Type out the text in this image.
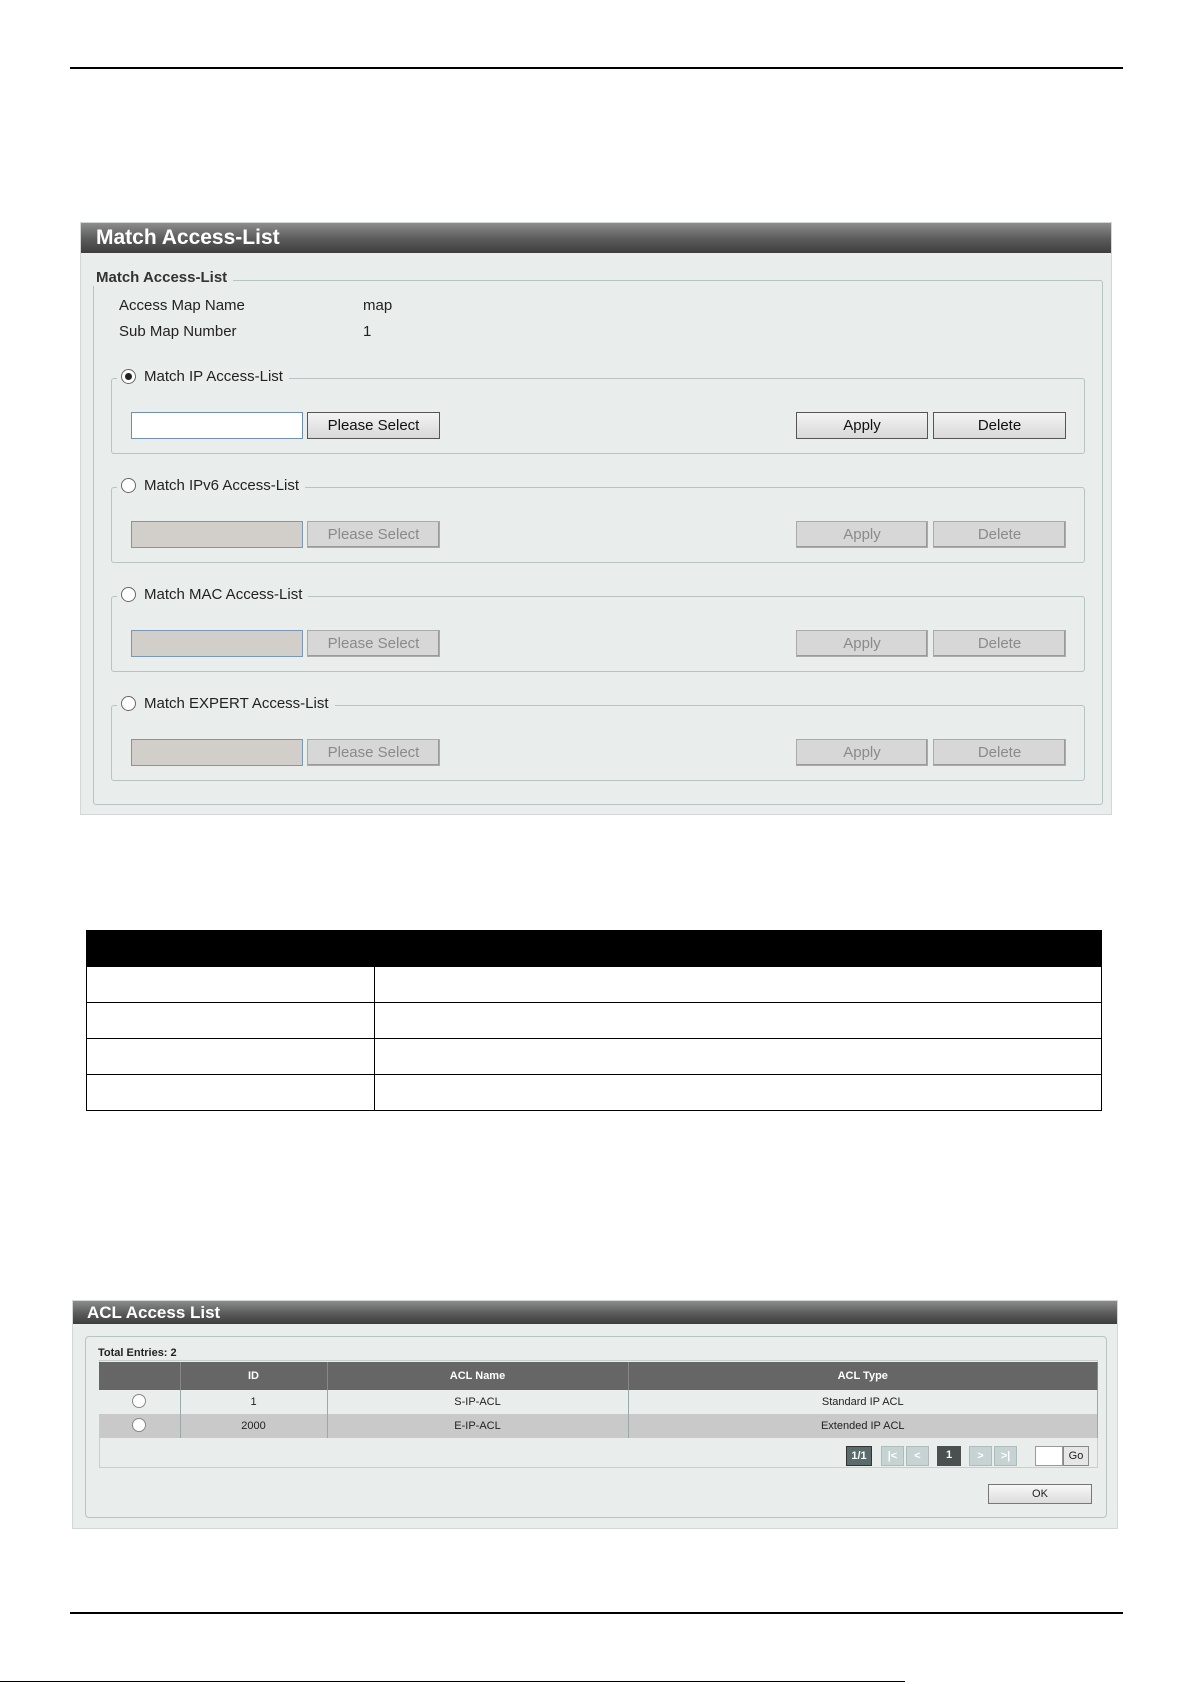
Match Access-List
Match Access-List
Access Map Name	map
Sub Map Number	1
Match IP Access-List
Please Select	Apply	Delete
Match IPv6 Access-List
Please Select	Apply	Delete
Match MAC Access-List
Please Select	Apply	Delete
Match EXPERT Access-List
Please Select	Apply	Delete

ACL Access List
Total Entries: 2
	ID	ACL Name	ACL Type
	1	S-IP-ACL	Standard IP ACL
	2000	E-IP-ACL	Extended IP ACL
1/1	|<	<	1	>	>|	Go
OK
